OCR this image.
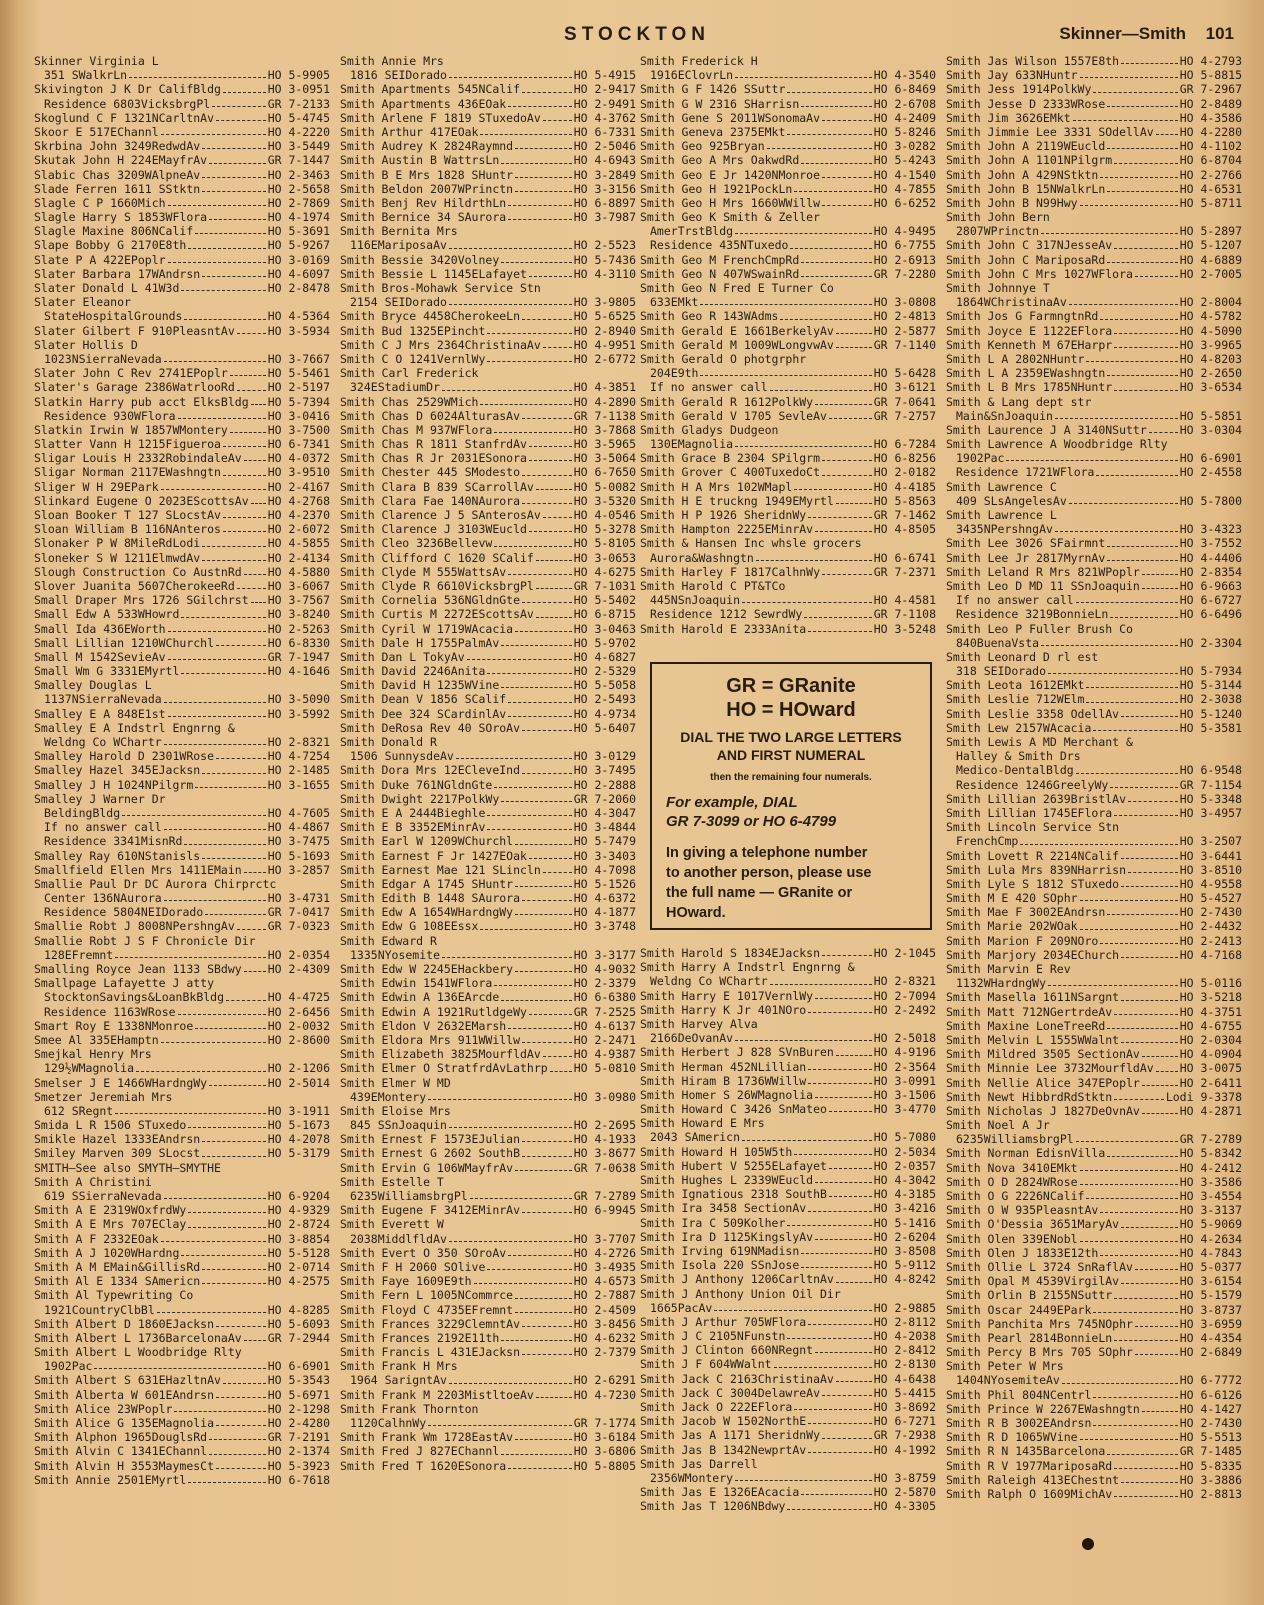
STOCKTON	Skinner—Smith 101
Skinner Virginia L
351 SWalkrLn	HO 5-9905
Skivington J K Dr CalifBldg	HO 3-0951
Residence 6803VicksbrgPl	GR 7-2133
Skoglund C F 1321NCarltnAv	HO 5-4745
Skoor E 517EChannl	HO 4-2220
Skrbina John 3249RedwdAv	HO 3-5449
Skutak John H 224EMayfrAv	GR 7-1447
Slabic Chas 3209WAlpneAv	HO 2-3463
Slade Ferren 1611 SStktn	HO 2-5658
Slagle C P 1660Mich	HO 2-7869
Slagle Harry S 1853WFlora	HO 4-1974
Slagle Maxine 806NCalif	HO 5-3691
Slape Bobby G 2170E8th	HO 5-9267
Slate P A 422EPoplr	HO 3-0169
Slater Barbara 17WAndrsn	HO 4-6097
Slater Donald L 41W3d	HO 2-8478
Slater Eleanor
StateHospitalGrounds	HO 4-5364
Slater Gilbert F 910PleasntAv	HO 3-5934
Slater Hollis D
1023NSierraNevada	HO 3-7667
Slater John C Rev 2741EPoplr	HO 5-5461
Slater's Garage 2386WatrlooRd	HO 2-5197
Slatkin Harry pub acct ElksBldg HO 5-7394
Residence 930WFlora	HO 3-0416
Slatkin Irwin W 1857WMontery	HO 3-7500
Slatter Vann H 1215Figueroa	HO 6-7341
Sligar Louis H 2332RobindaleAv HO 4-0372
Sligar Norman 2117EWashngtn	HO 3-9510
Sliger W H 29EPark	HO 2-4167
Slinkard Eugene O 2023EScottsAv HO 4-2768
Sloan Booker T 127 SLocstAv	HO 4-2370
Sloan William B 116NAnteros	HO 2-6072
Slonaker P W 8MileRdLodi	HO 4-5855
Sloneker S W 1211ElmwdAv	HO 2-4134
Slough Construction Co AustnRd HO 4-5880
Slover Juanita 5607CherokeeRd	HO 3-6067
Small Draper Mrs 1726 SGilchrst HO 3-7567
Small Edw A 533WHowrd	HO 3-8240
Small Ida 436EWorth	HO 2-5263
Small Lillian 1210WChurchl	HO 6-8330
Small M 1542SevieAv	GR 7-1947
Small Wm G 3331EMyrtl	HO 4-1646
Smalley Douglas L
1137NSierraNevada	HO 3-5090
Smalley E A 848E1st	HO 3-5992
Smalley E A Indstrl Engnrng &
Weldng Co WChartr	HO 2-8321
Smalley Harold D 2301WRose	HO 4-7254
Smalley Hazel 345EJacksn	HO 2-1485
Smalley J H 1024NPilgrm	HO 3-1655
Smalley J Warner Dr
BeldingBldg	HO 4-7605
If no answer call	HO 4-4867
Residence 3341MisnRd	HO 3-7475
Smalley Ray 610NStanisls	HO 5-1693
Smallfield Ellen Mrs 1411EMain HO 3-2857
Smallie Paul Dr DC Aurora Chirprctc
Center 136NAurora	HO 3-4731
Residence 5804NEIDorado	GR 7-0417
Smallie Robt J 8008NPershngAv	GR 7-0323
Smallie Robt J S F Chronicle Dir
128EFremnt	HO 2-0354
Smalling Royce Jean 1133 SBdwy HO 2-4309
Smallpage Lafayette J atty
StocktonSavings&LoanBkBldg	HO 4-4725
Residence 1163WRose	HO 2-6456
Smart Roy E 1338NMonroe	HO 2-0032
Smee Al 335EHamptn	HO 2-8600
Smejkal Henry Mrs
129½WMagnolia	HO 2-1206
Smelser J E 1466WHardngWy	HO 2-5014
Smetzer Jeremiah Mrs
612 SRegnt	HO 3-1911
Smida L R 1506 STuxedo	HO 5-1673
Smikle Hazel 1333EAndrsn	HO 4-2078
Smiley Marven 309 SLocst	HO 5-3179
SMITH—See also SMYTH—SMYTHE
Smith A Christini
619 SSierraNevada	HO 6-9204
Smith A E 2319WOxfrdWy	HO 4-9329
Smith A E Mrs 707EClay	HO 2-8724
Smith A F 2332EOak	HO 3-8854
Smith A J 1020WHardng	HO 5-5128
Smith A M EMain&GillisRd	HO 2-0714
Smith Al E 1334 SAmericn	HO 4-2575
Smith Al Typewriting Co
1921CountryClbBl	HO 4-8285
Smith Albert D 1860EJacksn	HO 5-6093
Smith Albert L 1736BarcelonaAv GR 7-2944
Smith Albert L Woodbridge Rlty
1902Pac	HO 6-6901
Smith Albert S 631EHazltnAv	HO 5-3543
Smith Alberta W 601EAndrsn	HO 5-6971
Smith Alice 23WPoplr	HO 2-1298
Smith Alice G 135EMagnolia	HO 2-4280
Smith Alphon 1965DouglsRd	GR 7-2191
Smith Alvin C 1341EChannl	HO 2-1374
Smith Alvin H 3553MaymesCt	HO 5-3923
Smith Annie 2501EMyrtl	HO 6-7618
Smith Annie Mrs
1816 SEIDorado	HO 5-4915
Smith Apartments 545NCalif	HO 2-9417
Smith Apartments 436EOak	HO 2-9491
Smith Arlene F 1819 STuxedoAv	HO 4-3762
Smith Arthur 417EOak	HO 6-7331
Smith Audrey K 2824Raymnd	HO 2-5046
Smith Austin B WattrsLn	HO 4-6943
Smith B E Mrs 1828 SHuntr	HO 3-2849
Smith Beldon 2007WPrinctn	HO 3-3156
Smith Benj Rev HildrthLn	HO 6-8897
Smith Bernice 34 SAurora	HO 3-7987
Smith Bernita Mrs
116EMariposaAv	HO 2-5523
Smith Bessie 3420Volney	HO 5-7436
Smith Bessie L 1145ELafayet	HO 4-3110
Smith Bros-Mohawk Service Stn
2154 SEIDorado	HO 3-9805
Smith Bryce 4458CherokeeLn	HO 5-6525
Smith Bud 1325EPincht	HO 2-8940
Smith C J Mrs 2364ChristinaAv	HO 4-9951
Smith C O 1241VernlWy	HO 2-6772
Smith Carl Frederick
324EStadiumDr	HO 4-3851
Smith Chas 2529WMich	HO 4-2890
Smith Chas D 6024AlturasAv	GR 7-1138
Smith Chas M 937WFlora	HO 3-7868
Smith Chas R 1811 StanfrdAv	HO 3-5965
Smith Chas R Jr 2031ESonora	HO 3-5064
Smith Chester 445 SModesto	HO 6-7650
Smith Clara B 839 SCarrollAv	HO 5-0082
Smith Clara Fae 140NAurora	HO 3-5320
Smith Clarence J 5 SAnterosAv	HO 4-0546
Smith Clarence J 3103WEucld	HO 5-3278
Smith Cleo 3236Bellevw	HO 5-8105
Smith Clifford C 1620 SCalif	HO 3-0653
Smith Clyde M 555WattsAv	HO 4-6275
Smith Clyde R 6610VicksbrgPl	GR 7-1031
Smith Cornelia 536NGldnGte	HO 5-5402
Smith Curtis M 2272EScottsAv	HO 6-8715
Smith Cyril W 1719WAcacia	HO 3-0463
Smith Dale H 1755PalmAv	HO 5-9702
Smith Dan L TokyAv	HO 4-6827
Smith David 2246Anita	HO 2-5329
Smith David H 1235WVine	HO 5-5058
Smith Dean V 1856 SCalif	HO 2-5493
Smith Dee 324 SCardinlAv	HO 4-9734
Smith DeRosa Rev 40 SOroAv	HO 5-6407
Smith Donald R
1506 SunnysdeAv	HO 3-0129
Smith Dora Mrs 12ECleveInd	HO 3-7495
Smith Duke 761NGldnGte	HO 2-2888
Smith Dwight 2217PolkWy	GR 7-2060
Smith E A 2444Bieghle	HO 4-3047
Smith E B 3352EMinrAv	HO 3-4844
Smith Earl W 1209WChurchl	HO 5-7479
Smith Earnest F Jr 1427EOak	HO 3-3403
Smith Earnest Mae 121 SLincln	HO 4-7098
Smith Edgar A 1745 SHuntr	HO 5-1526
Smith Edith B 1448 SAurora	HO 4-6372
Smith Edw A 1654WHardngWy	HO 4-1877
Smith Edw G 108EEssx	HO 3-3748
Smith Edward R
1335NYosemite	HO 3-3177
Smith Edw W 2245EHackbery	HO 4-9032
Smith Edwin 1541WFlora	HO 2-3379
Smith Edwin A 136EArcde	HO 6-6380
Smith Edwin A 1921RutldgeWy	GR 7-2525
Smith Eldon V 2632EMarsh	HO 4-6137
Smith Eldora Mrs 911WWillw	HO 2-2471
Smith Elizabeth 3825MourfldAv	HO 4-9387
Smith Elmer O StratfrdAvLathrp HO 5-0810
Smith Elmer W MD
439EMontery	HO 3-0980
Smith Eloise Mrs
845 SSnJoaquin	HO 2-2695
Smith Ernest F 1573EJulian	HO 4-1933
Smith Ernest G 2602 SouthB	HO 3-8677
Smith Ervin G 106WMayfrAv	GR 7-0638
Smith Estelle T
6235WilliamsbrgPl	GR 7-2789
Smith Eugene F 3412EMinrAv	HO 6-9945
Smith Everett W
2038MiddlfldAv	HO 3-7707
Smith Evert O 350 SOroAv	HO 4-2726
Smith F H 2060 SOlive	HO 3-4935
Smith Faye 1609E9th	HO 4-6573
Smith Fern L 1005NCommrce	HO 2-7887
Smith Floyd C 4735EFremnt	HO 2-4509
Smith Frances 3229ClemntAv	HO 3-8456
Smith Frances 2192E11th	HO 4-6232
Smith Francis L 431EJacksn	HO 2-7379
Smith Frank H Mrs
1964 SarigntAv	HO 2-6291
Smith Frank M 2203MistltoeAv	HO 4-7230
Smith Frank Thornton
1120CalhnWy	GR 7-1774
Smith Frank Wm 1728EastAv	HO 3-6184
Smith Fred J 827EChannl	HO 3-6806
Smith Fred T 1620ESonora	HO 5-8805
Smith Frederick H
1916EClovrLn	HO 4-3540
Smith G F 1426 SSuttr	HO 6-8469
Smith G W 2316 SHarrisn	HO 2-6708
Smith Gene S 2011WSonomaAv	HO 4-2409
Smith Geneva 2375EMkt	HO 5-8246
Smith Geo 925Bryan	HO 3-0282
Smith Geo A Mrs OakwdRd	HO 5-4243
Smith Geo E Jr 1420NMonroe	HO 4-1540
Smith Geo H 1921PockLn	HO 4-7855
Smith Geo H Mrs 1660WWillw	HO 6-6252
Smith Geo K Smith & Zeller
AmerTrstBldg	HO 4-9495
Residence 435NTuxedo	HO 6-7755
Smith Geo M FrenchCmpRd	HO 2-6913
Smith Geo N 407WSwainRd	GR 7-2280
Smith Geo N Fred E Turner Co
633EMkt	HO 3-0808
Smith Geo R 143WAdms	HO 2-4813
Smith Gerald E 1661BerkelyAv	HO 2-5877
Smith Gerald M 1009WLongvwAv	GR 7-1140
Smith Gerald O photgrphr
204E9th	HO 5-6428
If no answer call	HO 3-6121
Smith Gerald R 1612PolkWy	GR 7-0641
Smith Gerald V 1705 SevleAv	GR 7-2757
Smith Gladys Dudgeon
130EMagnolia	HO 6-7284
Smith Grace B 2304 SPilgrm	HO 6-8256
Smith Grover C 400TuxedoCt	HO 2-0182
Smith H A Mrs 102WMapl	HO 4-4185
Smith H E truckng 1949EMyrtl	HO 5-8563
Smith H P 1926 SheridnWy	GR 7-1462
Smith Hampton 2225EMinrAv	HO 4-8505
Smith & Hansen Inc whsle grocers
Aurora&Washngtn	HO 6-6741
Smith Harley F 1817CalhnWy	GR 7-2371
Smith Harold C PT&TCo
445NSnJoaquin	HO 4-4581
Residence 1212 SewrdWy	GR 7-1108
Smith Harold E 2333Anita	HO 3-5248
GR = GRanite
HO = HOward
DIAL THE TWO LARGE LETTERS
AND FIRST NUMERAL
then the remaining four numerals.
For example, DIAL
GR 7-3099 or HO 6-4799
In giving a telephone number
to another person, please use
the full name — GRanite or
HOward.
Smith Harold S 1834EJacksn	HO 2-1045
Smith Harry A Indstrl Engnrng &
Weldng Co WChartr	HO 2-8321
Smith Harry E 1017VernlWy	HO 2-7094
Smith Harry K Jr 401NOro	HO 2-2492
Smith Harvey Alva
2166DeOvanAv	HO 2-5018
Smith Herbert J 828 SVnBuren	HO 4-9196
Smith Herman 452NLillian	HO 2-3564
Smith Hiram B 1736WWillw	HO 3-0991
Smith Homer S 26WMagnolia	HO 3-1506
Smith Howard C 3426 SnMateo	HO 3-4770
Smith Howard E Mrs
2043 SAmericn	HO 5-7080
Smith Howard H 105W5th	HO 2-5034
Smith Hubert V 5255ELafayet	HO 2-0357
Smith Hughes L 2339WEucld	HO 4-3042
Smith Ignatious 2318 SouthB	HO 4-3185
Smith Ira 3458 SectionAv	HO 3-4216
Smith Ira C 509Kolher	HO 5-1416
Smith Ira D 1125KingslyAv	HO 2-6204
Smith Irving 619NMadisn	HO 3-8508
Smith Isola 220 SSnJose	HO 5-9112
Smith J Anthony 1206CarltnAv	HO 4-8242
Smith J Anthony Union Oil Dir
1665PacAv	HO 2-9885
Smith J Arthur 705WFlora	HO 2-8112
Smith J C 2105NFunstn	HO 4-2038
Smith J Clinton 660NRegnt	HO 2-8412
Smith J F 604WWalnt	HO 2-8130
Smith Jack C 2163ChristinaAv	HO 4-6438
Smith Jack C 3004DelawreAv	HO 5-4415
Smith Jack O 222EFlora	HO 3-8692
Smith Jacob W 1502NorthE	HO 6-7271
Smith Jas A 1171 SheridnWy	GR 7-2938
Smith Jas B 1342NewprtAv	HO 4-1992
Smith Jas Darrell
2356WMontery	HO 3-8759
Smith Jas E 1326EAcacia	HO 2-5870
Smith Jas T 1206NBdwy	HO 4-3305
Smith Jas Wilson 1557E8th	HO 4-2793
Smith Jay 633NHuntr	HO 5-8815
Smith Jess 1914PolkWy	GR 7-2967
Smith Jesse D 2333WRose	HO 2-8489
Smith Jim 3626EMkt	HO 4-3586
Smith Jimmie Lee 3331 SOdellAv HO 4-2280
Smith John A 2119WEucld	HO 4-1102
Smith John A 1101NPilgrm	HO 6-8704
Smith John A 429NStktn	HO 2-2766
Smith John B 15NWalkrLn	HO 4-6531
Smith John B N99Hwy	HO 5-8711
Smith John Bern
2807WPrinctn	HO 5-2897
Smith John C 317NJesseAv	HO 5-1207
Smith John C MariposaRd	HO 4-6889
Smith John C Mrs 1027WFlora	HO 2-7005
Smith Johnnye T
1864WChristinaAv	HO 2-8004
Smith Jos G FarmngtnRd	HO 4-5782
Smith Joyce E 1122EFlora	HO 4-5090
Smith Kenneth M 67EHarpr	HO 3-9965
Smith L A 2802NHuntr	HO 4-8203
Smith L A 2359EWashngtn	HO 2-2650
Smith L B Mrs 1785NHuntr	HO 3-6534
Smith & Lang dept str
Main&SnJoaquin	HO 5-5851
Smith Laurence J A 3140NSuttr	HO 3-0304
Smith Lawrence A Woodbridge Rlty
1902Pac	HO 6-6901
Residence 1721WFlora	HO 2-4558
Smith Lawrence C
409 SLsAngelesAv	HO 5-7800
Smith Lawrence L
3435NPershngAv	HO 3-4323
Smith Lee 3026 SFairmnt	HO 3-7552
Smith Lee Jr 2817MyrnAv	HO 4-4406
Smith Leland R Mrs 821WPoplr	HO 2-8354
Smith Leo D MD 11 SSnJoaquin	HO 6-9663
If no answer call	HO 6-6727
Residence 3219BonnieLn	HO 6-6496
Smith Leo P Fuller Brush Co
840BuenaVsta	HO 2-3304
Smith Leonard D rl est
318 SEIDorado	HO 5-7934
Smith Leota 1612EMkt	HO 5-3144
Smith Leslie 712WElm	HO 2-3038
Smith Leslie 3358 OdellAv	HO 5-1240
Smith Lew 2157WAcacia	HO 5-3581
Smith Lewis A MD Merchant &
Halley & Smith Drs
Medico-DentalBldg	HO 6-9548
Residence 1246GreelyWy	GR 7-1154
Smith Lillian 2639BristlAv	HO 5-3348
Smith Lillian 1745EFlora	HO 3-4957
Smith Lincoln Service Stn
FrenchCmp	HO 3-2507
Smith Lovett R 2214NCalif	HO 3-6441
Smith Lula Mrs 839NHarrisn	HO 3-8510
Smith Lyle S 1812 STuxedo	HO 4-9558
Smith M E 420 SOphr	HO 5-4527
Smith Mae F 3002EAndrsn	HO 2-7430
Smith Marie 202WOak	HO 2-4432
Smith Marion F 209NOro	HO 2-2413
Smith Marjory 2034EChurch	HO 4-7168
Smith Marvin E Rev
1132WHardngWy	HO 5-0116
Smith Masella 1611NSargnt	HO 3-5218
Smith Matt 712NGertrdeAv	HO 4-3751
Smith Maxine LoneTreeRd	HO 4-6755
Smith Melvin L 1555WWalnt	HO 2-0304
Smith Mildred 3505 SectionAv	HO 4-0904
Smith Minnie Lee 3732MourfldAv HO 3-0075
Smith Nellie Alice 347EPoplr	HO 2-6411
Smith Newt HibbrdRdStktn	Lodi 9-3378
Smith Nicholas J 1827DeOvnAv	HO 4-2871
Smith Noel A Jr
6235WilliamsbrgPl	GR 7-2789
Smith Norman EdisnVilla	HO 5-8342
Smith Nova 3410EMkt	HO 4-2412
Smith O D 2824WRose	HO 3-3586
Smith O G 2226NCalif	HO 3-4554
Smith O W 935PleasntAv	HO 3-3137
Smith O'Dessia 3651MaryAv	HO 5-9069
Smith Olen 339ENobl	HO 4-2634
Smith Olen J 1833E12th	HO 4-7843
Smith Ollie L 3724 SnRaflAv	HO 5-0377
Smith Opal M 4539VirgilAv	HO 3-6154
Smith Orlin B 2155NSuttr	HO 5-1579
Smith Oscar 2449EPark	HO 3-8737
Smith Panchita Mrs 745NOphr	HO 3-6959
Smith Pearl 2814BonnieLn	HO 4-4354
Smith Percy B Mrs 705 SOphr	HO 2-6849
Smith Peter W Mrs
1404NYosemiteAv	HO 6-7772
Smith Phil 804NCentrl	HO 6-6126
Smith Prince W 2267EWashngtn	HO 4-1427
Smith R B 3002EAndrsn	HO 2-7430
Smith R D 1065WVine	HO 5-5513
Smith R N 1435Barcelona	GR 7-1485
Smith R V 1977MariposaRd	HO 5-8335
Smith Raleigh 413EChestnt	HO 3-3886
Smith Ralph O 1609MichAv	HO 2-8813
